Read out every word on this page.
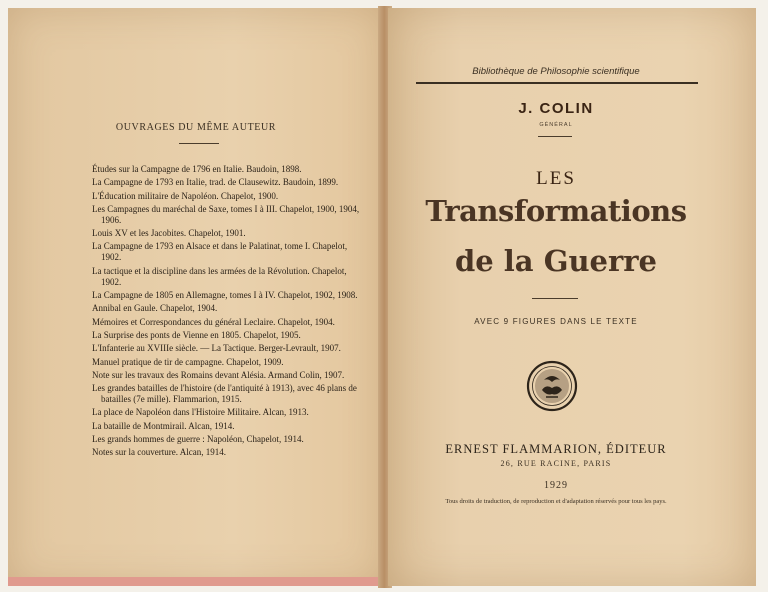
OUVRAGES DU MÊME AUTEUR
Études sur la Campagne de 1796 en Italie. Baudoin, 1898.
La Campagne de 1793 en Italie, trad. de Clausewitz. Baudoin, 1899.
L'Éducation militaire de Napoléon. Chapelot, 1900.
Les Campagnes du maréchal de Saxe, tomes I à III. Chapelot, 1900, 1904, 1906.
Louis XV et les Jacobites. Chapelot, 1901.
La Campagne de 1793 en Alsace et dans le Palatinat, tome I. Chapelot, 1902.
La tactique et la discipline dans les armées de la Révolution. Chapelot, 1902.
La Campagne de 1805 en Allemagne, tomes I à IV. Chapelot, 1902, 1908.
Annibal en Gaule. Chapelot, 1904.
Mémoires et Correspondances du général Leclaire. Chapelot, 1904.
La Surprise des ponts de Vienne en 1805. Chapelot, 1905.
L'Infanterie au XVIIIe siècle. — La Tactique. Berger-Levrault, 1907.
Manuel pratique de tir de campagne. Chapelot, 1909.
Note sur les travaux des Romains devant Alésia. Armand Colin, 1907.
Les grandes batailles de l'histoire (de l'antiquité à 1913), avec 46 plans de batailles (7e mille). Flammarion, 1915.
La place de Napoléon dans l'Histoire Militaire. Alcan, 1913.
La bataille de Montmirail. Alcan, 1914.
Les grands hommes de guerre : Napoléon, Chapelot, 1914.
Notes sur la couverture. Alcan, 1914.
Bibliothèque de Philosophie scientifique
J. COLIN
GÉNÉRAL
LES
Transformations
de la Guerre
AVEC 9 FIGURES DANS LE TEXTE
ERNEST FLAMMARION, ÉDITEUR
26, RUE RACINE, PARIS
1929
Tous droits de traduction, de reproduction et d'adaptation réservés pour tous les pays.
